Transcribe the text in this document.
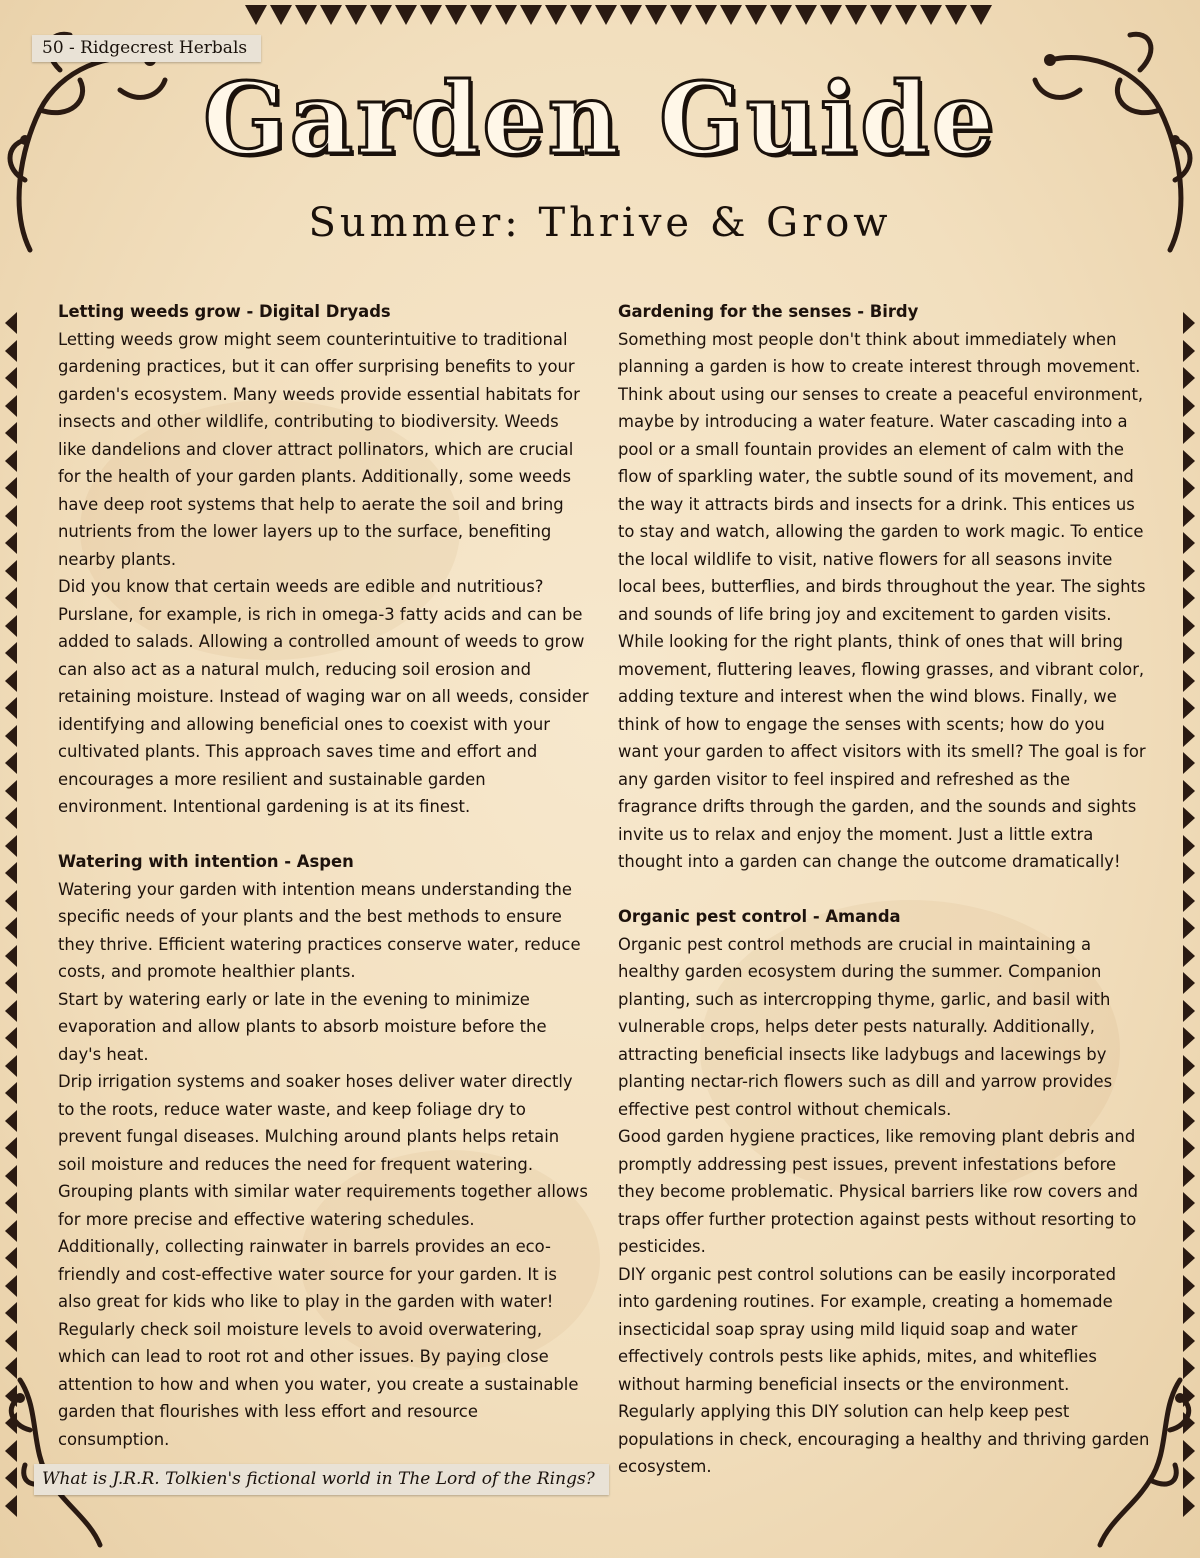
50 - Ridgecrest Herbals
Garden Guide
Summer: Thrive & Grow
Letting weeds grow - Digital Dryads

Letting weeds grow might seem counterintuitive to traditional gardening practices, but it can offer surprising benefits to your garden's ecosystem. Many weeds provide essential habitats for insects and other wildlife, contributing to biodiversity. Weeds like dandelions and clover attract pollinators, which are crucial for the health of your garden plants. Additionally, some weeds have deep root systems that help to aerate the soil and bring nutrients from the lower layers up to the surface, benefiting nearby plants.

Did you know that certain weeds are edible and nutritious? Purslane, for example, is rich in omega-3 fatty acids and can be added to salads. Allowing a controlled amount of weeds to grow can also act as a natural mulch, reducing soil erosion and retaining moisture. Instead of waging war on all weeds, consider identifying and allowing beneficial ones to coexist with your cultivated plants. This approach saves time and effort and encourages a more resilient and sustainable garden environment. Intentional gardening is at its finest.

Watering with intention - Aspen

Watering your garden with intention means understanding the specific needs of your plants and the best methods to ensure they thrive. Efficient watering practices conserve water, reduce costs, and promote healthier plants.

Start by watering early or late in the evening to minimize evaporation and allow plants to absorb moisture before the day's heat.

Drip irrigation systems and soaker hoses deliver water directly to the roots, reduce water waste, and keep foliage dry to prevent fungal diseases. Mulching around plants helps retain soil moisture and reduces the need for frequent watering. Grouping plants with similar water requirements together allows for more precise and effective watering schedules.

Additionally, collecting rainwater in barrels provides an eco-friendly and cost-effective water source for your garden. It is also great for kids who like to play in the garden with water! Regularly check soil moisture levels to avoid overwatering, which can lead to root rot and other issues. By paying close attention to how and when you water, you create a sustainable garden that flourishes with less effort and resource consumption.

Gardening for the senses - Birdy

Something most people don't think about immediately when planning a garden is how to create interest through movement. Think about using our senses to create a peaceful environment, maybe by introducing a water feature. Water cascading into a pool or a small fountain provides an element of calm with the flow of sparkling water, the subtle sound of its movement, and the way it attracts birds and insects for a drink. This entices us to stay and watch, allowing the garden to work magic. To entice the local wildlife to visit, native flowers for all seasons invite local bees, butterflies, and birds throughout the year. The sights and sounds of life bring joy and excitement to garden visits. While looking for the right plants, think of ones that will bring movement, fluttering leaves, flowing grasses, and vibrant color, adding texture and interest when the wind blows. Finally, we think of how to engage the senses with scents; how do you want your garden to affect visitors with its smell? The goal is for any garden visitor to feel inspired and refreshed as the fragrance drifts through the garden, and the sounds and sights invite us to relax and enjoy the moment. Just a little extra thought into a garden can change the outcome dramatically!

Organic pest control - Amanda

Organic pest control methods are crucial in maintaining a healthy garden ecosystem during the summer. Companion planting, such as intercropping thyme, garlic, and basil with vulnerable crops, helps deter pests naturally. Additionally, attracting beneficial insects like ladybugs and lacewings by planting nectar-rich flowers such as dill and yarrow provides effective pest control without chemicals.

Good garden hygiene practices, like removing plant debris and promptly addressing pest issues, prevent infestations before they become problematic. Physical barriers like row covers and traps offer further protection against pests without resorting to pesticides.

DIY organic pest control solutions can be easily incorporated into gardening routines. For example, creating a homemade insecticidal soap spray using mild liquid soap and water effectively controls pests like aphids, mites, and whiteflies without harming beneficial insects or the environment. Regularly applying this DIY solution can help keep pest populations in check, encouraging a healthy and thriving garden ecosystem.

What is J.R.R. Tolkien's fictional world in The Lord of the Rings?
